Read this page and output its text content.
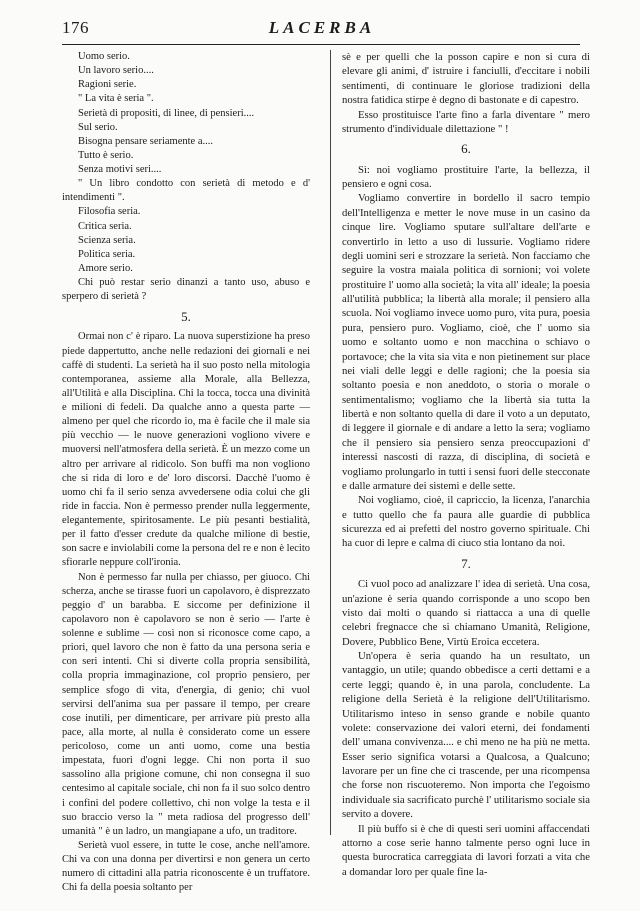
176	LACERBA

Uomo serio.

Un lavoro serio....

Ragioni serie.

" La vita è seria ".

Serietà di propositi, di linee, di pensieri....

Sul serio.

Bisogna pensare seriamente a....

Tutto è serio.

Senza motivi seri....

" Un libro condotto con serietà di metodo e d' intendimenti ".

Filosofia seria.

Critica seria.

Scienza seria.

Politica seria.

Amore serio.

Chi può restar serio dinanzi a tanto uso, abuso e sperpero di serietà ?

5.

Ormai non c' è riparo. La nuova superstizione ha preso piede dappertutto, anche nelle redazioni dei giornali e nei caffè di studenti. La serietà ha il suo posto nella mitologia contemporanea, assieme alla Morale, alla Bellezza, all'Utilità e alla Disciplina. Chi la tocca, tocca una divinità e milioni di fedeli. Da qualche anno a questa parte — almeno per quel che ricordo io, ma è facile che il male sia più vecchio — le nuove generazioni vogliono vivere e muoversi nell'atmosfera della serietà. È un mezzo come un altro per arrivare al ridicolo. Son buffi ma non vogliono che si rida di loro e de' loro discorsi. Dacchè l'uomo è uomo chi fa il serio senza avvedersene odia colui che gli ride in faccia. Non è permesso prender nulla leggermente, elegantemente, spiritosamente. Le più pesanti bestialità, per il fatto d'esser credute da qualche milione di bestie, son sacre e inviolabili come la persona del re e non è lecito sfiorarle neppure coll'ironia.

Non è permesso far nulla per chiasso, per giuoco. Chi scherza, anche se tirasse fuori un capolavoro, è disprezzato peggio d' un barabba. E siccome per definizione il capolavoro non è capolavoro se non è serio — l'arte è solenne e sublime — così non si riconosce come capo, a priori, quel lavoro che non è fatto da una persona seria e con seri intenti. Chi si diverte colla propria sensibilità, colla propria immaginazione, col proprio pensiero, per semplice sfogo di vita, d'energia, di genio; chi vuol servirsi dell'anima sua per passare il tempo, per creare cose inutili, per dimenticare, per arrivare più presto alla pace, alla morte, al nulla è considerato come un essere pericoloso, come un anti uomo, come una bestia impestata, fuori d'ogni legge. Chi non porta il suo sassolino alla prigione comune, chi non consegna il suo centesimo al capitale sociale, chi non fa il suo solco dentro i confini del podere collettivo, chi non volge la testa e il suo braccio verso la " meta radiosa del progresso dell' umanità " è un ladro, un mangiapane a ufo, un traditore.

Serietà vuol essere, in tutte le cose, anche nell'amore. Chi va con una donna per divertirsi e non genera un certo numero di cittadini alla patria riconoscente è un truffatore. Chi fa della poesia soltanto per

sè e per quelli che la posson capire e non si cura di elevare gli animi, d' istruire i fanciulli, d'eccitare i nobili sentimenti, di continuare le gloriose tradizioni della nostra fatidica stirpe è degno di bastonate e di capestro.

Esso prostituisce l'arte fino a farla diventare " mero strumento d'individuale dilettazione " !

6.

Sì: noi vogliamo prostituire l'arte, la bellezza, il pensiero e ogni cosa.

Vogliamo convertire in bordello il sacro tempio dell'Intelligenza e metter le nove muse in un casino da cinque lire. Vogliamo sputare sull'altare dell'arte e convertirlo in letto a uso di lussurie. Vogliamo ridere degli uomini seri e strozzare la serietà. Non facciamo che seguire la vostra maiala politica di sornioni; voi volete prostituire l' uomo alla società; la vita all' ideale; la poesia all'utilità pubblica; la libertà alla morale; il pensiero alla scuola. Noi vogliamo invece uomo puro, vita pura, poesia pura, pensiero puro. Vogliamo, cioè, che l' uomo sia uomo e soltanto uomo e non macchina o schiavo o portavoce; che la vita sia vita e non pietinement sur place nei viali delle leggi e delle ragioni; che la poesia sia soltanto poesia e non aneddoto, o storia o morale o sentimentalismo; vogliamo che la libertà sia tutta la libertà e non soltanto quella di dare il voto a un deputato, di leggere il giornale e di andare a letto la sera; vogliamo che il pensiero sia pensiero senza preoccupazioni d' interessi nascosti di razza, di disciplina, di società e vogliamo prolungarlo in tutti i sensi fuori delle stecconate e dalle armature dei sistemi e delle sette.

Noi vogliamo, cioè, il capriccio, la licenza, l'anarchia e tutto quello che fa paura alle guardie di pubblica sicurezza ed ai prefetti del nostro governo spirituale. Chi ha cuor di lepre e calma di ciuco stia lontano da noi.

7.

Ci vuol poco ad analizzare l' idea di serietà. Una cosa, un'azione è seria quando corrisponde a uno scopo ben visto dai molti o quando si riattacca a una di quelle celebri fregnacce che si chiamano Umanità, Religione, Dovere, Pubblico Bene, Virtù Eroica eccetera.

Un'opera è seria quando ha un resultato, un vantaggio, un utile; quando obbedisce a certi dettami e a certe leggi; quando è, in una parola, concludente. La religione della Serietà è la religione dell'Utilitarismo. Utilitarismo inteso in senso grande e nobile quanto volete: conservazione dei valori eterni, dei fondamenti dell' umana convivenza.... e chi meno ne ha più ne metta. Esser serio significa votarsi a Qualcosa, a Qualcuno; lavorare per un fine che ci trascende, per una ricompensa che forse non riscuoteremo. Non importa che l'egoismo individuale sia sacrificato purchè l' utilitarismo sociale sia servito a dovere.

Il più buffo si è che di questi seri uomini affaccendati attorno a cose serie hanno talmente perso ogni luce in questa burocratica carreggiata di lavori forzati a vita che a domandar loro per quale fine la-
